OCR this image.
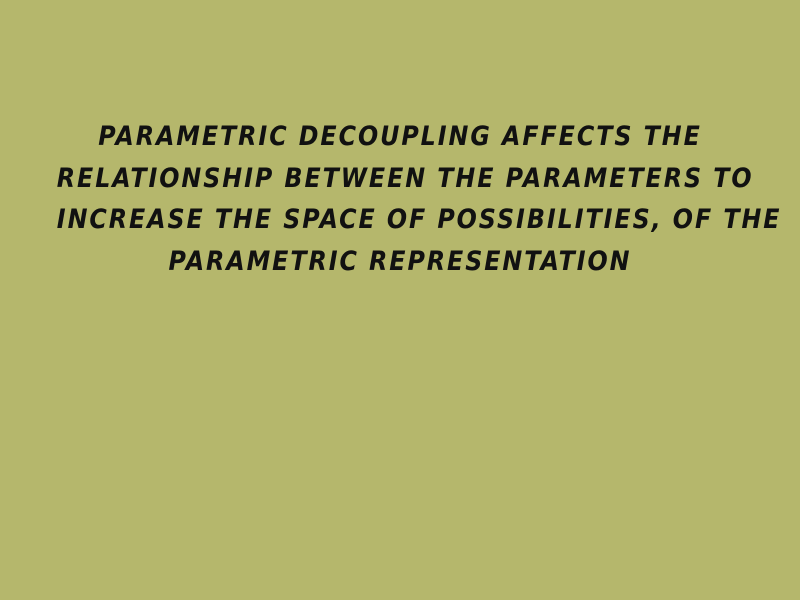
PARAMETRIC DECOUPLING AFFECTS THE
RELATIONSHIP BETWEEN THE PARAMETERS TO
INCREASE THE SPACE OF POSSIBILITIES, OF THE
PARAMETRIC REPRESENTATION
